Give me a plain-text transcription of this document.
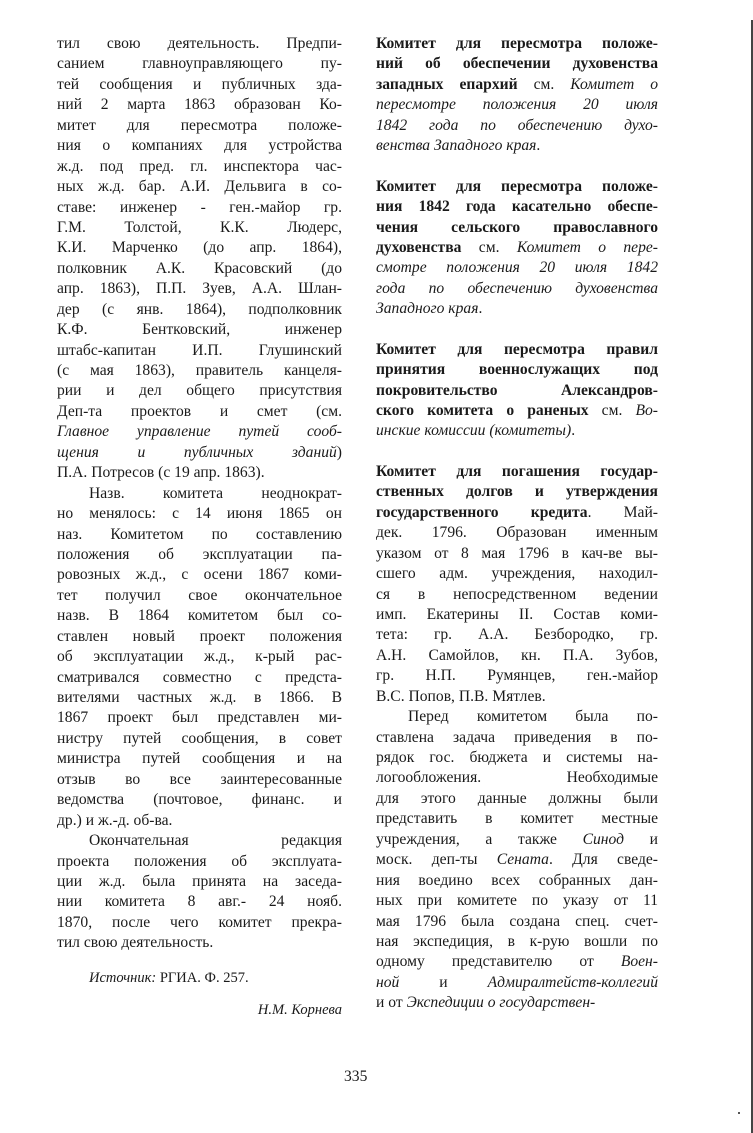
тил свою деятельность. Предпи-
санием главноуправляющего пу-
тей сообщения и публичных зда-
ний 2 марта 1863 образован Ко-
митет для пересмотра положе-
ния о компаниях для устройства
ж.д. под пред. гл. инспектора час-
ных ж.д. бар. А.И. Дельвига в со-
ставе: инженер - ген.-майор гр.
Г.М. Толстой, К.К. Людерс,
К.И. Марченко (до апр. 1864),
полковник А.К. Красовский (до
апр. 1863), П.П. Зуев, А.А. Шлан-
дер (с янв. 1864), подполковник
К.Ф. Бентковский, инженер
штабс-капитан И.П. Глушинский
(с мая 1863), правитель канцеля-
рии и дел общего присутствия
Деп-та проектов и смет (см.
Главное управление путей сооб-
щения и публичных зданий)
П.А. Потресов (с 19 апр. 1863).
Назв. комитета неоднократ-
но менялось: с 14 июня 1865 он
наз. Комитетом по составлению
положения об эксплуатации па-
ровозных ж.д., с осени 1867 коми-
тет получил свое окончательное
назв. В 1864 комитетом был со-
ставлен новый проект положения
об эксплуатации ж.д., к-рый рас-
сматривался совместно с предста-
вителями частных ж.д. в 1866. В
1867 проект был представлен ми-
нистру путей сообщения, в совет
министра путей сообщения и на
отзыв во все заинтересованные
ведомства (почтовое, финанс. и
др.) и ж.-д. об-ва.
Окончательная редакция
проекта положения об эксплуата-
ции ж.д. была принята на заседа-
нии комитета 8 авг.- 24 нояб.
1870, после чего комитет прекра-
тил свою деятельность.
Источник: РГИА. Ф. 257.
Н.М. Корнева
Комитет для пересмотра положе-
ний об обеспечении духовенства
западных епархий см. Комитет о
пересмотре положения 20 июля
1842 года по обеспечению духо-
венства Западного края.
Комитет для пересмотра положе-
ния 1842 года касательно обеспе-
чения сельского православного
духовенства см. Комитет о пере-
смотре положения 20 июля 1842
года по обеспечению духовенства
Западного края.
Комитет для пересмотра правил
принятия военнослужащих под
покровительство Александров-
ского комитета о раненых см. Во-
инские комиссии (комитеты).
Комитет для погашения государ-
ственных долгов и утверждения
государственного кредита. Май-
дек. 1796. Образован именным
указом от 8 мая 1796 в кач-ве вы-
сшего адм. учреждения, находил-
ся в непосредственном ведении
имп. Екатерины II. Состав коми-
тета: гр. А.А. Безбородко, гр.
А.Н. Самойлов, кн. П.А. Зубов,
гр. Н.П. Румянцев, ген.-майор
В.С. Попов, П.В. Мятлев.
Перед комитетом была по-
ставлена задача приведения в по-
рядок гос. бюджета и системы на-
логообложения. Необходимые
для этого данные должны были
представить в комитет местные
учреждения, а также Синод и
моск. деп-ты Сената. Для сведе-
ния воедино всех собранных дан-
ных при комитете по указу от 11
мая 1796 была создана спец. счет-
ная экспедиция, в к-рую вошли по
одному представителю от Воен-
ной и Адмиралтейств-коллегий
и от Экспедиции о государствен-
335
